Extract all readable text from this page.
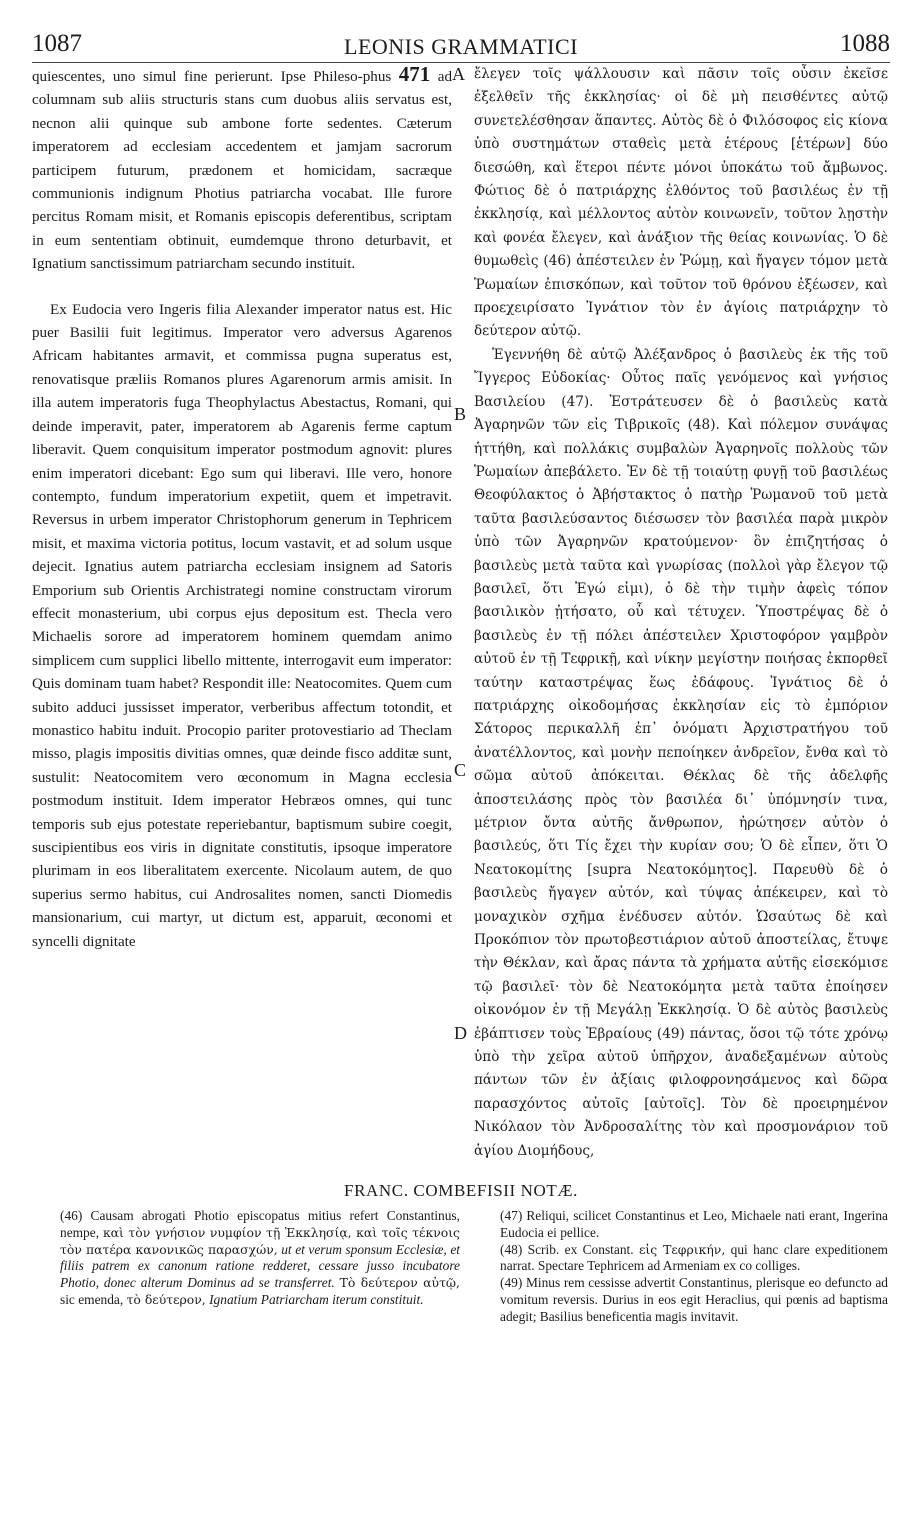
1087	LEONIS GRAMMATICI	1088

quiescentes, uno simul fine perierunt. Ipse Phileso-phus 471 ad columnam sub aliis structuris stans cum duobus aliis servatus est, necnon alii quinque sub ambone forte sedentes. Cæterum imperatorem ad ecclesiam accedentem et jamjam sacrorum participem futurum, prædonem et homicidam, sacræque communionis indignum Photius patriarcha vocabat. Ille furore percitus Romam misit, et Romanis episcopis deferentibus, scriptam in eum sententiam obtinuit, eumdemque throno deturbavit, et Ignatium sanctissimum patriarcham secundo instituit.

Ex Eudocia vero Ingeris filia Alexander imperator natus est. Hic puer Basilii fuit legitimus. Imperator vero adversus Agarenos Africam habitantes armavit, et commissa pugna superatus est, renovatisque præliis Romanos plures Agarenorum armis amisit. In illa autem imperatoris fuga Theophylactus Abestactus, Romani, qui deinde imperavit, pater, imperatorem ab Agarenis ferme captum liberavit. Quem conquisitum imperator postmodum agnovit: plures enim imperatori dicebant: Ego sum qui liberavi. Ille vero, honore contempto, fundum imperatorium expetiit, quem et impetravit. Reversus in urbem imperator Christophorum generum in Tephricem misit, et maxima victoria potitus, locum vastavit, et ad solum usque dejecit. Ignatius autem patriarcha ecclesiam insignem ad Satoris Emporium sub Orientis Archistrategi nomine constructam virorum effecit monasterium, ubi corpus ejus depositum est. Thecla vero Michaelis sorore ad imperatorem hominem quemdam animo simplicem cum supplici libello mittente, interrogavit eum imperator: Quis dominam tuam habet? Respondit ille: Neatocomites. Quem cum subito adduci jussisset imperator, verberibus affectum totondit, et monastico habitu induit. Procopio pariter protovestiario ad Theclam misso, plagis impositis divitias omnes, quæ deinde fisco additæ sunt, sustulit: Neatocomitem vero œconomum in Magna ecclesia postmodum instituit. Idem imperator Hebræos omnes, qui tunc temporis sub ejus potestate reperiebantur, baptismum subire coegit, suscipientibus eos viris in dignitate constitutis, ipsoque imperatore plurimam in eos liberalitatem exercente. Nicolaum autem, de quo superius sermo habitus, cui Androsalites nomen, sancti Diomedis mansionarium, cui martyr, ut dictum est, apparuit, œconomi et syncelli dignitate

A
B
C
D

ἔλεγεν τοῖς ψάλλουσιν καὶ πᾶσιν τοῖς οὖσιν ἐκεῖσε ἐξελθεῖν τῆς ἐκκλησίας· οἱ δὲ μὴ πεισθέντες αὐτῷ συνετελέσθησαν ἅπαντες. Αὐτὸς δὲ ὁ Φιλόσοφος εἰς κίονα ὑπὸ συστημάτων σταθεὶς μετὰ ἑτέρους [ἑτέρων] δύο διεσώθη, καὶ ἕτεροι πέντε μόνοι ὑποκάτω τοῦ ἄμβωνος. Φώτιος δὲ ὁ πατριάρχης ἐλθόντος τοῦ βασιλέως ἐν τῇ ἐκκλησίᾳ, καὶ μέλλοντος αὐτὸν κοινωνεῖν, τοῦτον λῃστὴν καὶ φονέα ἔλεγεν, καὶ ἀνάξιον τῆς θείας κοινωνίας. Ὁ δὲ θυμωθεὶς (46) ἀπέστειλεν ἐν Ῥώμῃ, καὶ ἤγαγεν τόμον μετὰ Ῥωμαίων ἐπισκόπων, καὶ τοῦτον τοῦ θρόνου ἐξέωσεν, καὶ προεχειρίσατο Ἰγνάτιον τὸν ἐν ἁγίοις πατριάρχην τὸ δεύτερον αὐτῷ.

Ἐγεννήθη δὲ αὐτῷ Ἀλέξανδρος ὁ βασιλεὺς ἐκ τῆς τοῦ Ἴγγερος Εὐδοκίας· Οὗτος παῖς γενόμενος καὶ γνήσιος Βασιλείου (47). Ἐστράτευσεν δὲ ὁ βασιλεὺς κατὰ Ἀγαρηνῶν τῶν εἰς Τιβρικοῖς (48). Καὶ πόλεμον συνάψας ἡττήθη, καὶ πολλάκις συμβαλὼν Ἀγαρηνοῖς πολλοὺς τῶν Ῥωμαίων ἀπεβάλετο. Ἐν δὲ τῇ τοιαύτῃ φυγῇ τοῦ βασιλέως Θεοφύλακτος ὁ Ἀβήστακτος ὁ πατὴρ Ῥωμανοῦ τοῦ μετὰ ταῦτα βασιλεύσαντος διέσωσεν τὸν βασιλέα παρὰ μικρὸν ὑπὸ τῶν Ἀγαρηνῶν κρατούμενον· ὃν ἐπιζητήσας ὁ βασιλεὺς μετὰ ταῦτα καὶ γνωρίσας (πολλοὶ γὰρ ἔλεγον τῷ βασιλεῖ, ὅτι Ἐγώ εἰμι), ὁ δὲ τὴν τιμὴν ἀφεὶς τόπον βασιλικὸν ᾐτήσατο, οὗ καὶ τέτυχεν. Ὑποστρέψας δὲ ὁ βασιλεὺς ἐν τῇ πόλει ἀπέστειλεν Χριστοφόρον γαμβρὸν αὐτοῦ ἐν τῇ Τεφρικῇ, καὶ νίκην μεγίστην ποιήσας ἐκπορθεῖ ταύτην καταστρέψας ἕως ἐδάφους. Ἰγνάτιος δὲ ὁ πατριάρχης οἰκοδομήσας ἐκκλησίαν εἰς τὸ ἐμπόριον Σάτορος περικαλλῆ ἐπ᾽ ὀνόματι Ἀρχιστρατήγου τοῦ ἀνατέλλοντος, καὶ μονὴν πεποίηκεν ἀνδρεῖον, ἔνθα καὶ τὸ σῶμα αὐτοῦ ἀπόκειται. Θέκλας δὲ τῆς ἀδελφῆς ἀποστειλάσης πρὸς τὸν βασιλέα δι᾽ ὑπόμνησίν τινα, μέτριον ὄντα αὐτῆς ἄνθρωπον, ἠρώτησεν αὐτὸν ὁ βασιλεύς, ὅτι Τίς ἔχει τὴν κυρίαν σου; Ὁ δὲ εἶπεν, ὅτι Ὁ Νεατοκομίτης [supra Νεατοκόμητος]. Παρευθὺ δὲ ὁ βασιλεὺς ἤγαγεν αὐτόν, καὶ τύψας ἀπέκειρεν, καὶ τὸ μοναχικὸν σχῆμα ἐνέδυσεν αὐτόν. Ὡσαύτως δὲ καὶ Προκόπιον τὸν πρωτοβεστιάριον αὐτοῦ ἀποστείλας, ἔτυψε τὴν Θέκλαν, καὶ ἄρας πάντα τὰ χρήματα αὐτῆς εἰσεκόμισε τῷ βασιλεῖ· τὸν δὲ Νεατοκόμητα μετὰ ταῦτα ἐποίησεν οἰκονόμον ἐν τῇ Μεγάλῃ Ἐκκλησίᾳ. Ὁ δὲ αὐτὸς βασιλεὺς ἐβάπτισεν τοὺς Ἑβραίους (49) πάντας, ὅσοι τῷ τότε χρόνῳ ὑπὸ τὴν χεῖρα αὐτοῦ ὑπῆρχον, ἀναδεξαμένων αὐτοὺς πάντων τῶν ἐν ἀξίαις φιλοφρονησάμενος καὶ δῶρα παρασχόντος αὐτοῖς [αὐτοῖς]. Τὸν δὲ προειρημένον Νικόλαον τὸν Ἀνδροσαλίτης τὸν καὶ προσμονάριον τοῦ ἁγίου Διομήδους,

FRANC. COMBEFISII NOTÆ.

(46) Causam abrogati Photio episcopatus mitius refert Constantinus, nempe, καὶ τὸν γνήσιον νυμφίον τῇ Ἐκκλησίᾳ, καὶ τοῖς τέκνοις τὸν πατέρα κανονικῶς παρασχών, ut et verum sponsum Ecclesiæ, et filiis patrem ex canonum ratione redderet, cessare jusso incubatore Photio, donec alterum Dominus ad se transferret. Τὸ δεύτερον αὐτῷ, sic emenda, τὸ δεύτερον, Ignatium Patriarcham iterum constituit.

(47) Reliqui, scilicet Constantinus et Leo, Michaele nati erant, Ingerina Eudocia ei pellice.

(48) Scrib. ex Constant. εἰς Τεφρικήν, qui hanc clare expeditionem narrat. Spectare Tephricem ad Armeniam ex co colliges.

(49) Minus rem cessisse advertit Constantinus, plerisque eo defuncto ad vomitum reversis. Durius in eos egit Heraclius, qui pœnis ad baptisma adegit; Basilius beneficentia magis invitavit.
